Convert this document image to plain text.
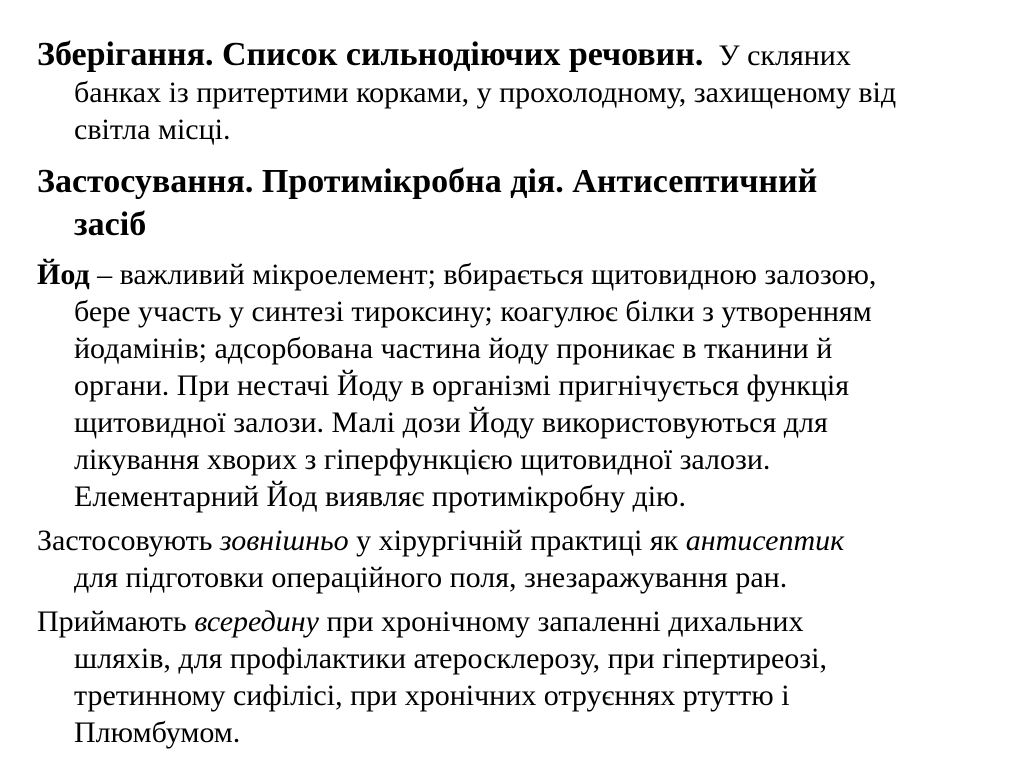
Зберігання. Список сильнодіючих речовин. У скляних
банках із притертими корками, у прохолодному, захищеному від
світла місці.

Застосування. Протимікробна дія. Антисептичний
засіб

Йод – важливий мікроелемент; вбирається щитовидною залозою,
бере участь у синтезі тироксину; коагулює білки з утворенням
йодамінів; адсорбована частина йоду проникає в тканини й
органи. При нестачі Йоду в організмі пригнічується функція
щитовидної залози. Малі дози Йоду використовуються для
лікування хворих з гіперфункцією щитовидної залози.
Елементарний Йод виявляє протимікробну дію.

Застосовують зовнішньо у хірургічній практиці як антисептик
для підготовки операційного поля, знезаражування ран.

Приймають всередину при хронічному запаленні дихальних
шляхів, для профілактики атеросклерозу, при гіпертиреозі,
третинному сифілісі, при хронічних отруєннях ртуттю і
Плюмбумом.
